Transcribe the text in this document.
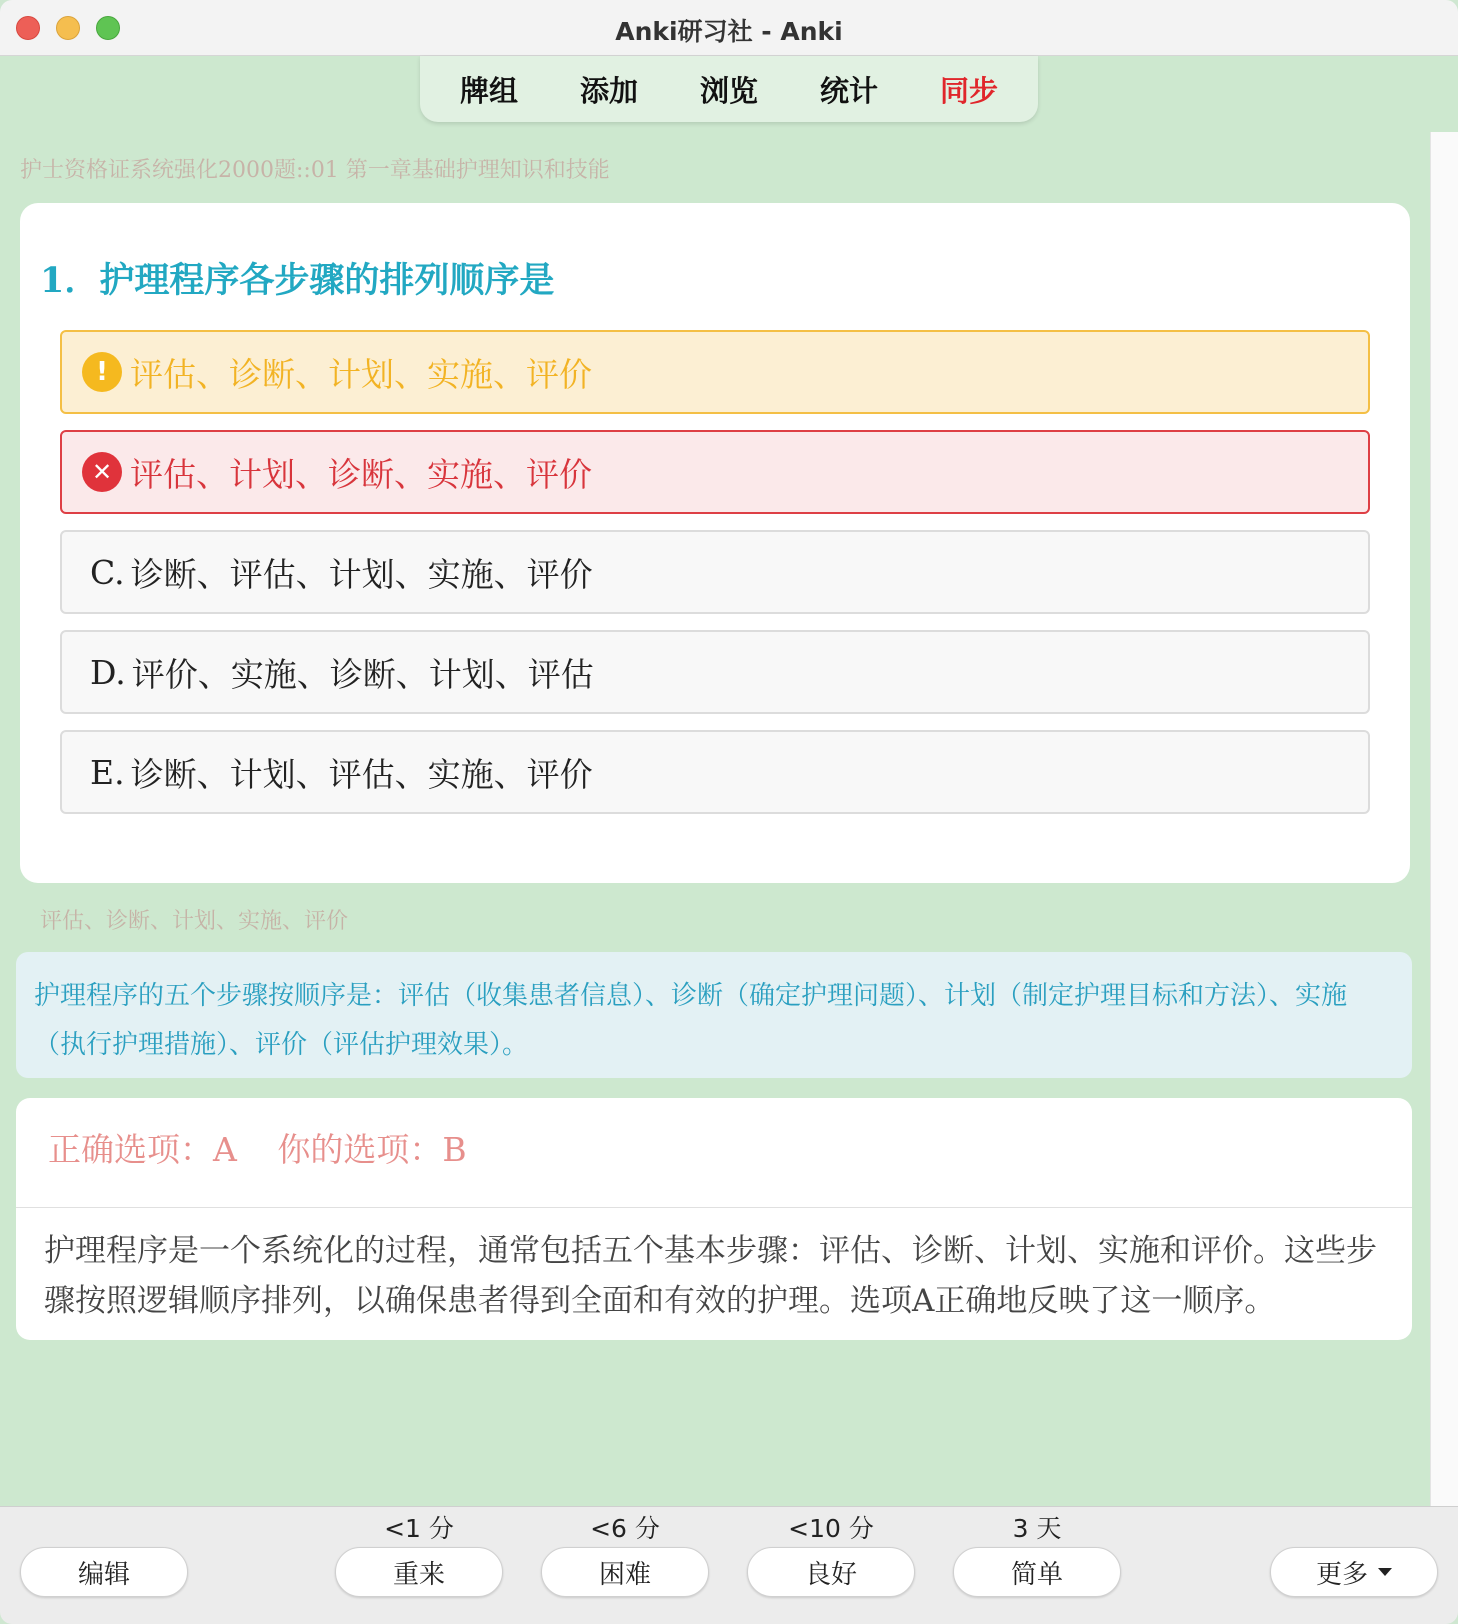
Anki研习社 - Anki
牌组	添加	浏览	统计	同步
护士资格证系统强化2000题::01 第一章基础护理知识和技能
1．护理程序各步骤的排列顺序是
! 评估、诊断、计划、实施、评价
✕ 评估、计划、诊断、实施、评价
C. 诊断、评估、计划、实施、评价
D. 评价、实施、诊断、计划、评估
E. 诊断、计划、评估、实施、评价
评估、诊断、计划、实施、评价
护理程序的五个步骤按顺序是：评估（收集患者信息）、诊断（确定护理问题）、计划（制定护理目标和方法）、实施（执行护理措施）、评价（评估护理效果）。
正确选项：A 你的选项：B
护理程序是一个系统化的过程，通常包括五个基本步骤：评估、诊断、计划、实施和评价。这些步骤按照逻辑顺序排列，以确保患者得到全面和有效的护理。选项A正确地反映了这一顺序。
编辑
<1 分
重来
<6 分
困难
<10 分
良好
3 天
简单	更多
